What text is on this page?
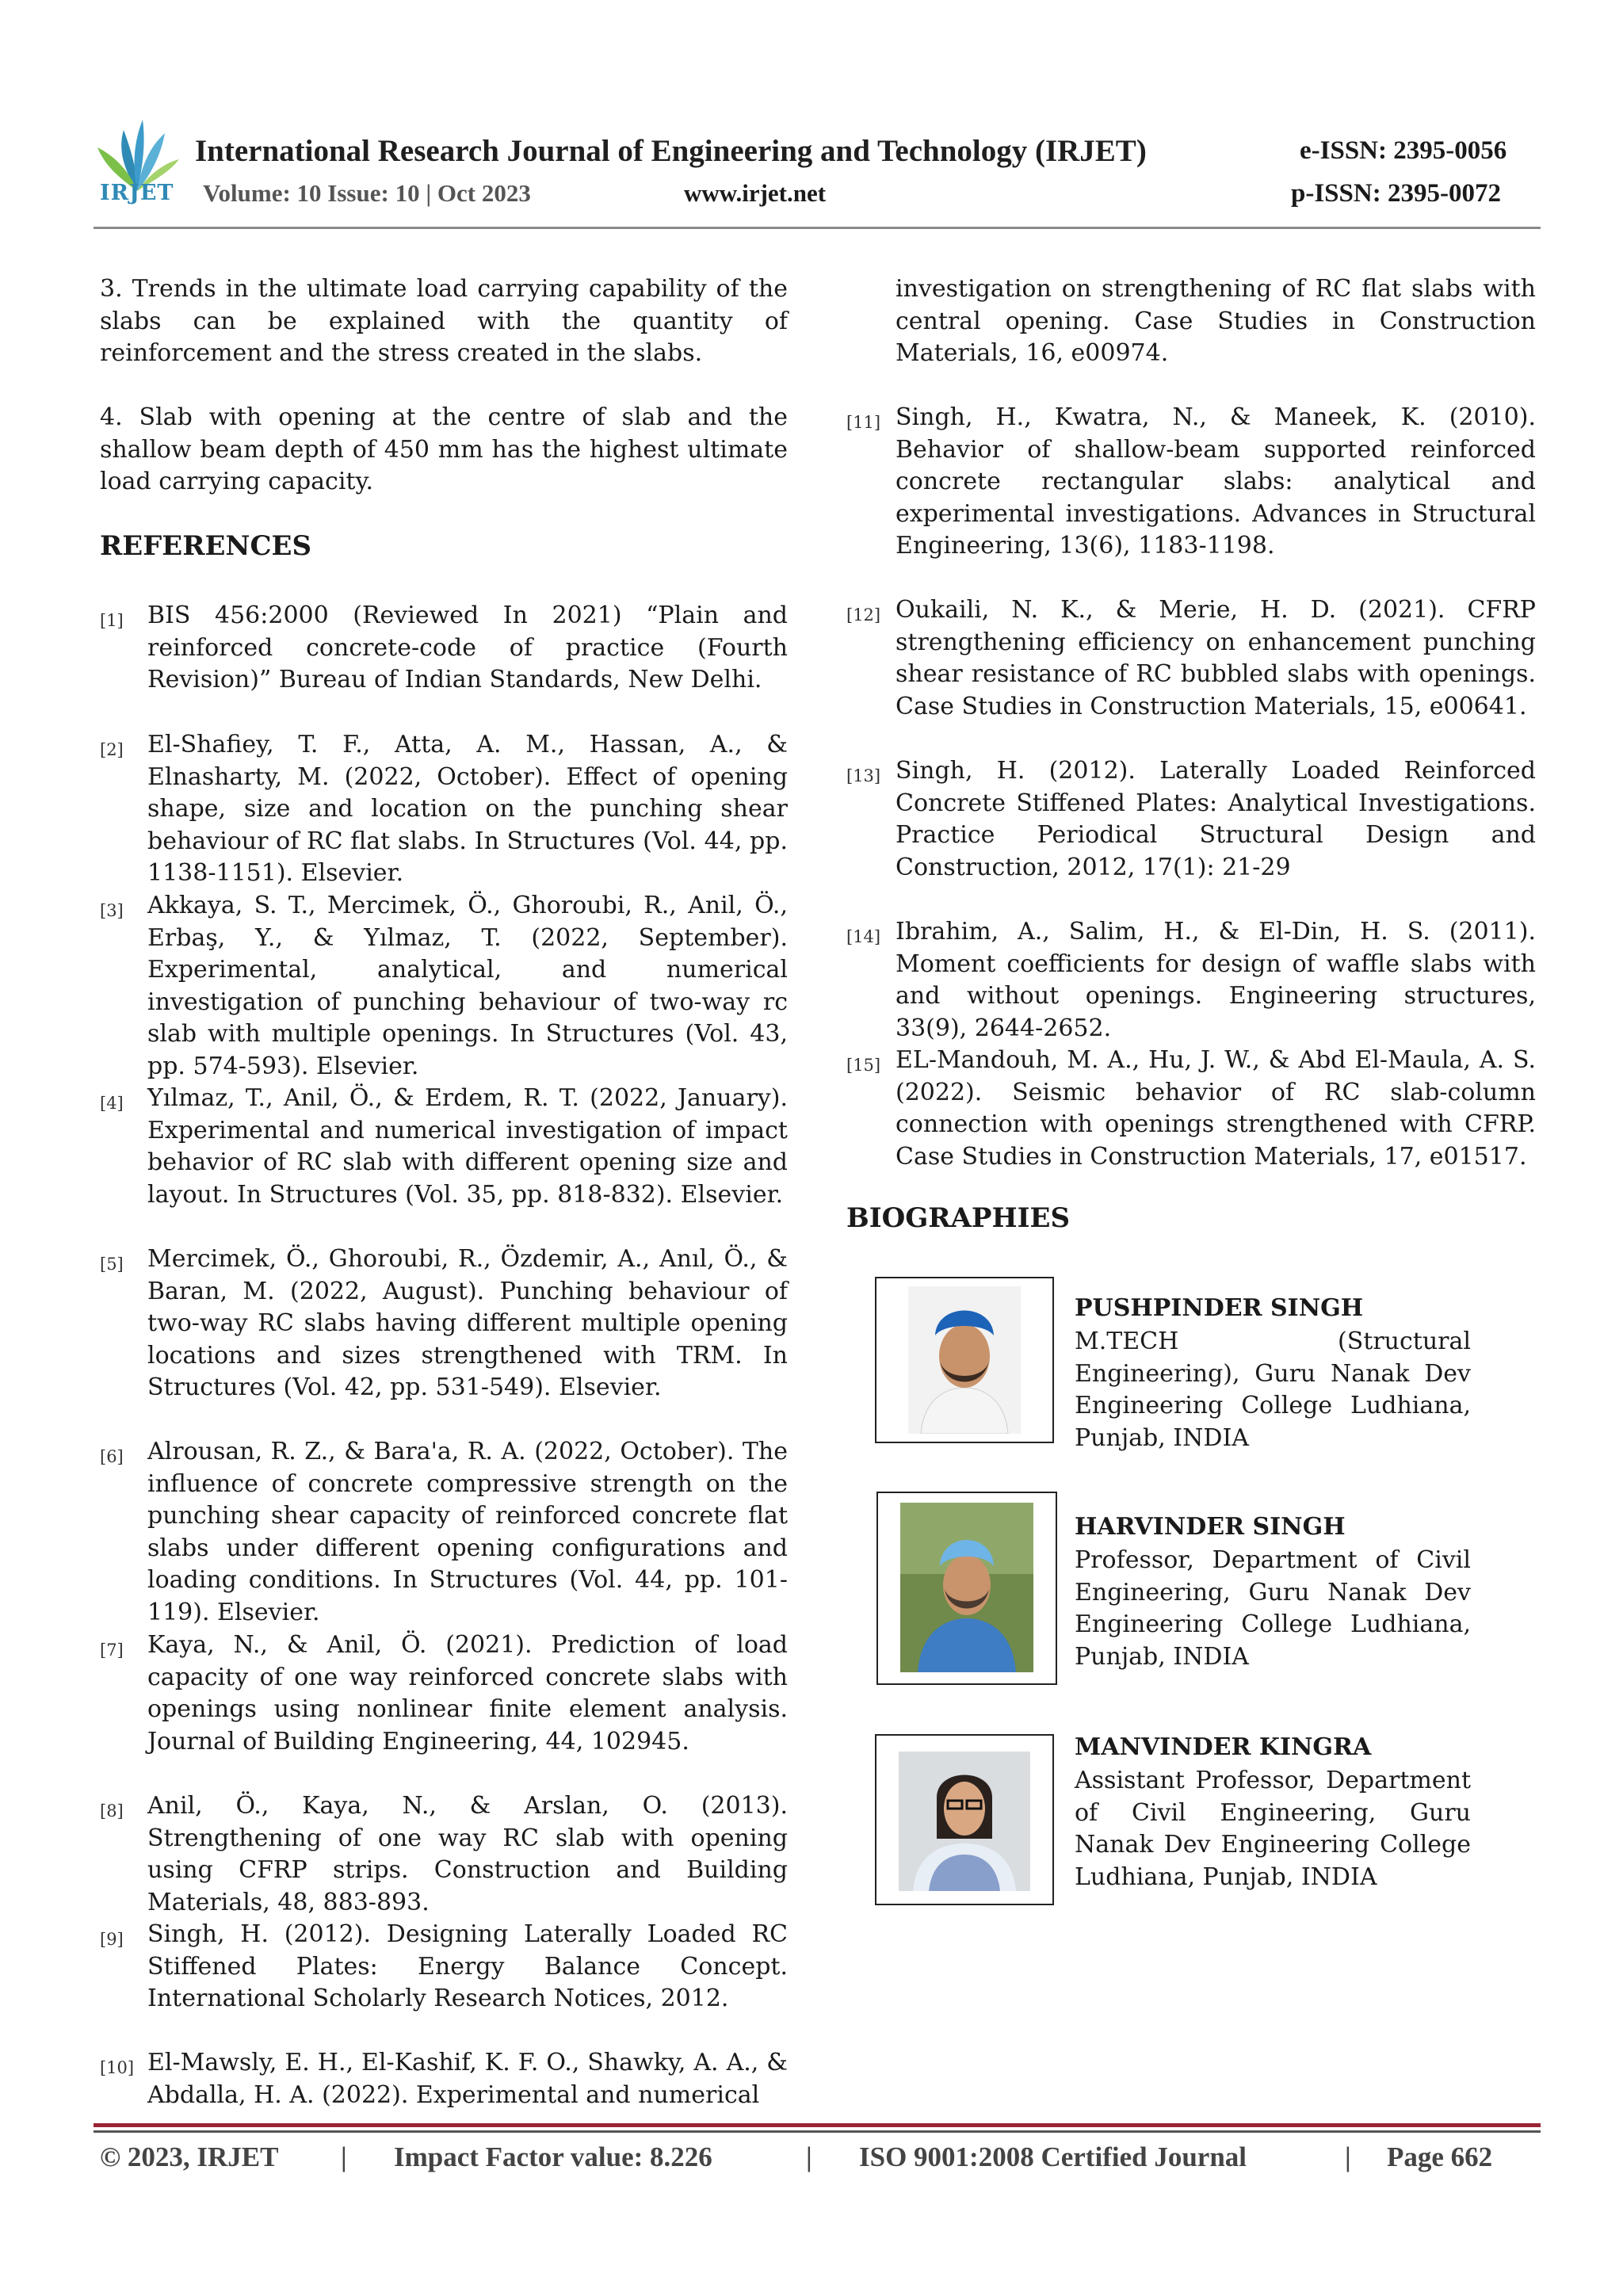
IRJET
International Research Journal of Engineering and Technology (IRJET)	e-ISSN: 2395-0056
Volume: 10 Issue: 10 | Oct 2023	www.irjet.net	p-ISSN: 2395-0072

3. Trends in the ultimate load carrying capability of the slabs can be explained with the quantity of reinforcement and the stress created in the slabs.

4. Slab with opening at the centre of slab and the shallow beam depth of 450 mm has the highest ultimate load carrying capacity.

REFERENCES
[1] BIS 456:2000 (Reviewed In 2021) “Plain and reinforced concrete-code of practice (Fourth Revision)” Bureau of Indian Standards, New Delhi.
[2] El-Shafiey, T. F., Atta, A. M., Hassan, A., & Elnasharty, M. (2022, October). Effect of opening shape, size and location on the punching shear behaviour of RC flat slabs. In Structures (Vol. 44, pp. 1138-1151). Elsevier.
[3] Akkaya, S. T., Mercimek, Ö., Ghoroubi, R., Anil, Ö., Erbaş, Y., & Yılmaz, T. (2022, September). Experimental, analytical, and numerical investigation of punching behaviour of two-way rc slab with multiple openings. In Structures (Vol. 43, pp. 574-593). Elsevier.
[4] Yılmaz, T., Anil, Ö., & Erdem, R. T. (2022, January). Experimental and numerical investigation of impact behavior of RC slab with different opening size and layout. In Structures (Vol. 35, pp. 818-832). Elsevier.
[5] Mercimek, Ö., Ghoroubi, R., Özdemir, A., Anıl, Ö., & Baran, M. (2022, August). Punching behaviour of two-way RC slabs having different multiple opening locations and sizes strengthened with TRM. In Structures (Vol. 42, pp. 531-549). Elsevier.
[6] Alrousan, R. Z., & Bara'a, R. A. (2022, October). The influence of concrete compressive strength on the punching shear capacity of reinforced concrete flat slabs under different opening configurations and loading conditions. In Structures (Vol. 44, pp. 101-119). Elsevier.
[7] Kaya, N., & Anil, Ö. (2021). Prediction of load capacity of one way reinforced concrete slabs with openings using nonlinear finite element analysis. Journal of Building Engineering, 44, 102945.
[8] Anil, Ö., Kaya, N., & Arslan, O. (2013). Strengthening of one way RC slab with opening using CFRP strips. Construction and Building Materials, 48, 883-893.
[9] Singh, H. (2012). Designing Laterally Loaded RC Stiffened Plates: Energy Balance Concept. International Scholarly Research Notices, 2012.
[10] El-Mawsly, E. H., El-Kashif, K. F. O., Shawky, A. A., & Abdalla, H. A. (2022). Experimental and numerical
investigation on strengthening of RC flat slabs with central opening. Case Studies in Construction Materials, 16, e00974.
[11] Singh, H., Kwatra, N., & Maneek, K. (2010). Behavior of shallow-beam supported reinforced concrete rectangular slabs: analytical and experimental investigations. Advances in Structural Engineering, 13(6), 1183-1198.
[12] Oukaili, N. K., & Merie, H. D. (2021). CFRP strengthening efficiency on enhancement punching shear resistance of RC bubbled slabs with openings. Case Studies in Construction Materials, 15, e00641.
[13] Singh, H. (2012). Laterally Loaded Reinforced Concrete Stiffened Plates: Analytical Investigations. Practice Periodical Structural Design and Construction, 2012, 17(1): 21-29
[14] Ibrahim, A., Salim, H., & El-Din, H. S. (2011). Moment coefficients for design of waffle slabs with and without openings. Engineering structures, 33(9), 2644-2652.
[15] EL-Mandouh, M. A., Hu, J. W., & Abd El-Maula, A. S. (2022). Seismic behavior of RC slab-column connection with openings strengthened with CFRP. Case Studies in Construction Materials, 17, e01517.
BIOGRAPHIES
PUSHPINDER SINGH
M.TECH (Structural Engineering), Guru Nanak Dev Engineering College Ludhiana, Punjab, INDIA
HARVINDER SINGH
Professor, Department of Civil Engineering, Guru Nanak Dev Engineering College Ludhiana, Punjab, INDIA
MANVINDER KINGRA
Assistant Professor, Department of Civil Engineering, Guru Nanak Dev Engineering College Ludhiana, Punjab, INDIA
© 2023, IRJET | Impact Factor value: 8.226	| ISO 9001:2008 Certified Journal	| Page 662
